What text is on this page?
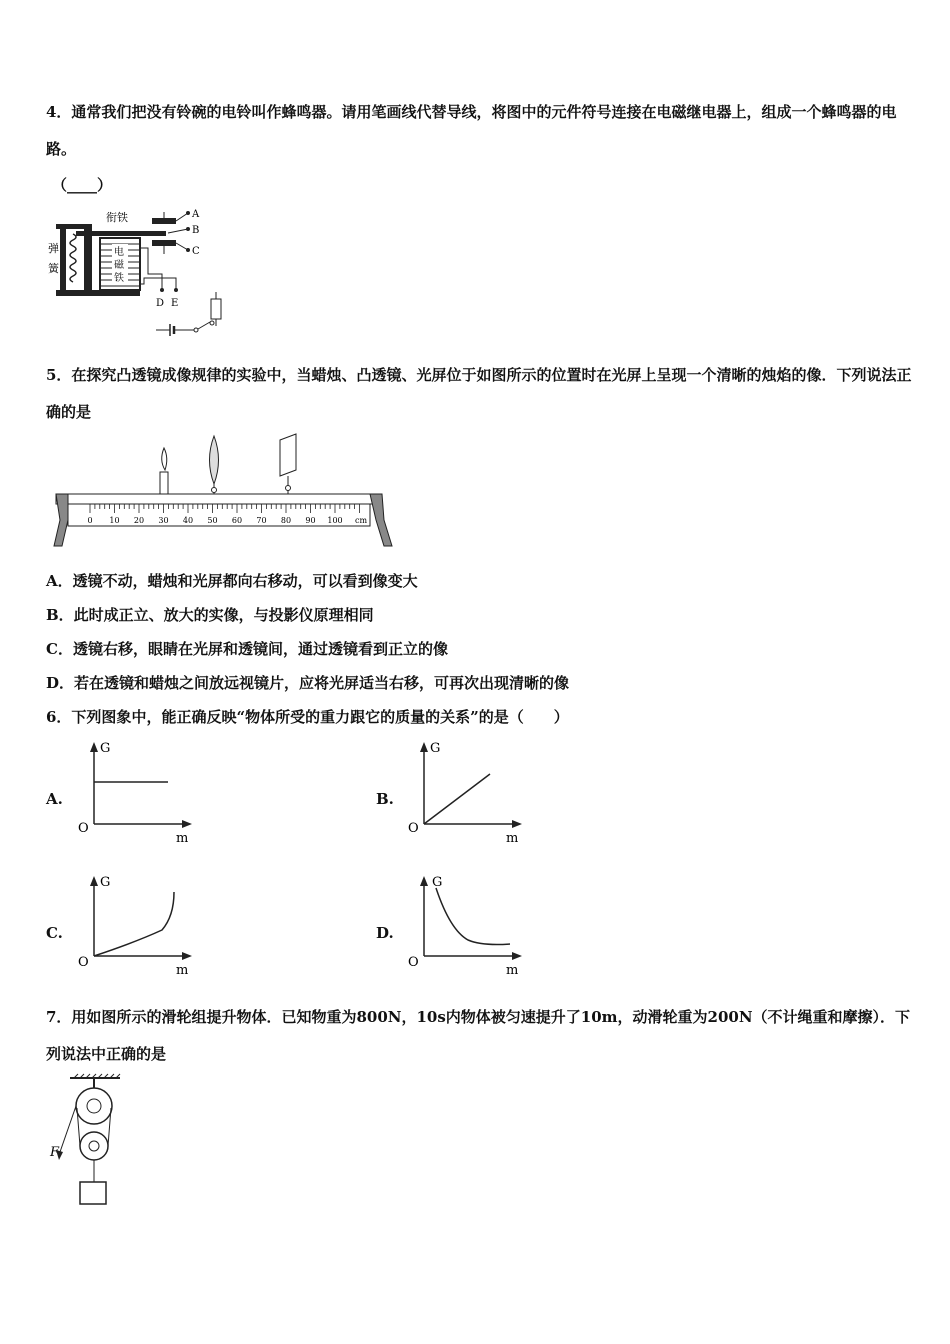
4．通常我们把没有铃碗的电铃叫作蜂鸣器。请用笔画线代替导线，将图中的元件符号连接在电磁继电器上，组成一个蜂鸣器的电路。
（____）
弹
簧
衔铁
电
磁
铁
A
B
C
D E
5．在探究凸透镜成像规律的实验中，当蜡烛、凸透镜、光屏位于如图所示的位置时在光屏上呈现一个清晰的烛焰的像．下列说法正确的是
0 10 20 30 40 50 60 70 80 90 100 cm
A．透镜不动，蜡烛和光屏都向右移动，可以看到像变大
B．此时成正立、放大的实像，与投影仪原理相同
C．透镜右移，眼睛在光屏和透镜间，通过透镜看到正立的像
D．若在透镜和蜡烛之间放远视镜片，应将光屏适当右移，可再次出现清晰的像
6．下列图象中，能正确反映“物体所受的重力跟它的质量的关系”的是（　　）
A.
G
m
O
B.
G
m
O
C.
G
m
O
D.
G
m
O
7．用如图所示的滑轮组提升物体．已知物重为800N，10s内物体被匀速提升了10m，动滑轮重为200N（不计绳重和摩擦）．下列说法中正确的是
F
